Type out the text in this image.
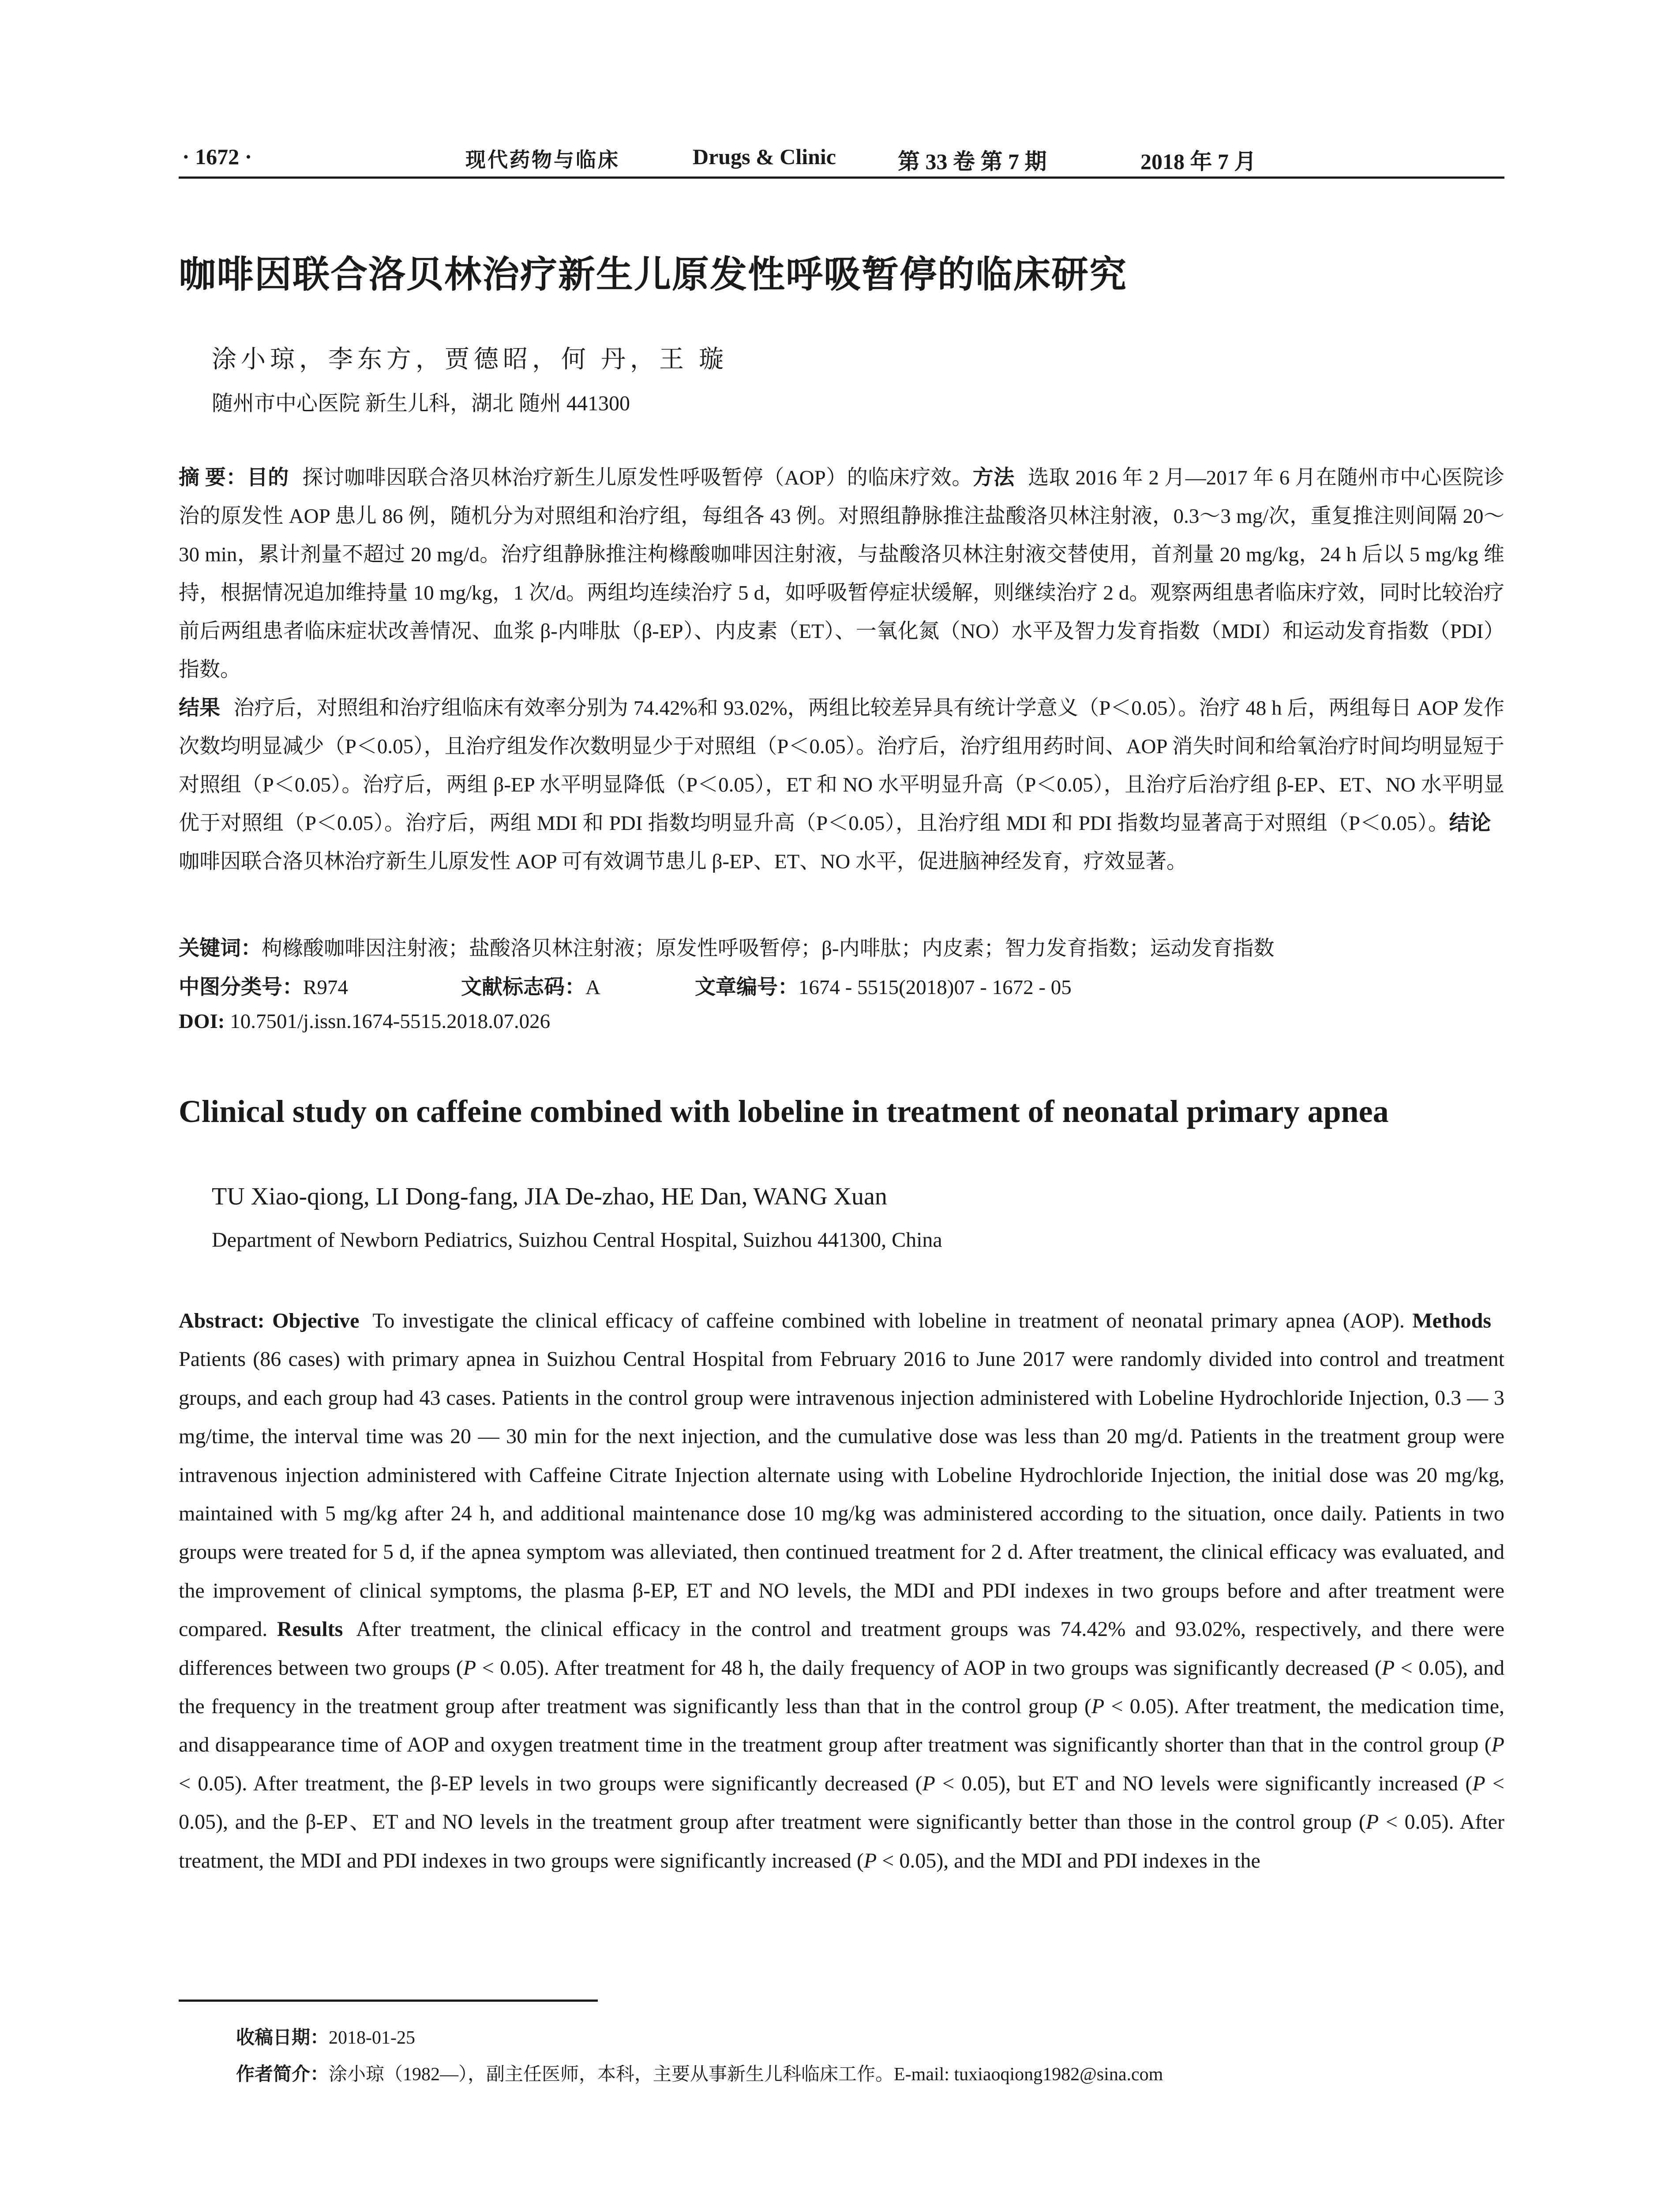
· 1672 ·	现代药物与临床	Drugs & Clinic	第 33 卷 第 7 期	2018 年 7 月
咖啡因联合洛贝林治疗新生儿原发性呼吸暂停的临床研究
涂小琼，李东方，贾德昭，何 丹，王 璇
随州市中心医院 新生儿科，湖北 随州 441300
摘 要：目的 探讨咖啡因联合洛贝林治疗新生儿原发性呼吸暂停（AOP）的临床疗效。方法 选取 2016 年 2 月—2017 年 6 月在随州市中心医院诊治的原发性 AOP 患儿 86 例，随机分为对照组和治疗组，每组各 43 例。对照组静脉推注盐酸洛贝林注射液，0.3～3 mg/次，重复推注则间隔 20～30 min，累计剂量不超过 20 mg/d。治疗组静脉推注枸橼酸咖啡因注射液，与盐酸洛贝林注射液交替使用，首剂量 20 mg/kg，24 h 后以 5 mg/kg 维持，根据情况追加维持量 10 mg/kg，1 次/d。两组均连续治疗 5 d，如呼吸暂停症状缓解，则继续治疗 2 d。观察两组患者临床疗效，同时比较治疗前后两组患者临床症状改善情况、血浆 β-内啡肽（β-EP）、内皮素（ET）、一氧化氮（NO）水平及智力发育指数（MDI）和运动发育指数（PDI）指数。
结果 治疗后，对照组和治疗组临床有效率分别为 74.42%和 93.02%，两组比较差异具有统计学意义（P＜0.05）。治疗 48 h 后，两组每日 AOP 发作次数均明显减少（P＜0.05），且治疗组发作次数明显少于对照组（P＜0.05）。治疗后，治疗组用药时间、AOP 消失时间和给氧治疗时间均明显短于对照组（P＜0.05）。治疗后，两组 β-EP 水平明显降低（P＜0.05），ET 和 NO 水平明显升高（P＜0.05），且治疗后治疗组 β-EP、ET、NO 水平明显优于对照组（P＜0.05）。治疗后，两组 MDI 和 PDI 指数均明显升高（P＜0.05），且治疗组 MDI 和 PDI 指数均显著高于对照组（P＜0.05）。结论咖啡因联合洛贝林治疗新生儿原发性 AOP 可有效调节患儿 β-EP、ET、NO 水平，促进脑神经发育，疗效显著。
关键词：枸橼酸咖啡因注射液；盐酸洛贝林注射液；原发性呼吸暂停；β-内啡肽；内皮素；智力发育指数；运动发育指数
中图分类号：R974	文献标志码：A	文章编号：1674 - 5515(2018)07 - 1672 - 05
DOI: 10.7501/j.issn.1674-5515.2018.07.026
Clinical study on caffeine combined with lobeline in treatment of neonatal primary apnea
TU Xiao-qiong, LI Dong-fang, JIA De-zhao, HE Dan, WANG Xuan
Department of Newborn Pediatrics, Suizhou Central Hospital, Suizhou 441300, China
Abstract: Objective To investigate the clinical efficacy of caffeine combined with lobeline in treatment of neonatal primary apnea (AOP). MethodsPatients (86 cases) with primary apnea in Suizhou Central Hospital from February 2016 to June 2017 were randomly divided into control and treatment groups, and each group had 43 cases. Patients in the control group were intravenous injection administered with Lobeline Hydrochloride Injection, 0.3 — 3 mg/time, the interval time was 20 — 30 min for the next injection, and the cumulative dose was less than 20 mg/d. Patients in the treatment group were intravenous injection administered with Caffeine Citrate Injection alternate using with Lobeline Hydrochloride Injection, the initial dose was 20 mg/kg, maintained with 5 mg/kg after 24 h, and additional maintenance dose 10 mg/kg was administered according to the situation, once daily. Patients in two groups were treated for 5 d, if the apnea symptom was alleviated, then continued treatment for 2 d. After treatment, the clinical efficacy was evaluated, and the improvement of clinical symptoms, the plasma β-EP, ET and NO levels, the MDI and PDI indexes in two groups before and after treatment were compared. Results After treatment, the clinical efficacy in the control and treatment groups was 74.42% and 93.02%, respectively, and there were differences between two groups (P < 0.05). After treatment for 48 h, the daily frequency of AOP in two groups was significantly decreased (P < 0.05), and the frequency in the treatment group after treatment was significantly less than that in the control group (P < 0.05). After treatment, the medication time, and disappearance time of AOP and oxygen treatment time in the treatment group after treatment was significantly shorter than that in the control group (P < 0.05). After treatment, the β-EP levels in two groups were significantly decreased (P < 0.05), but ET and NO levels were significantly increased (P < 0.05), and the β-EP、ET and NO levels in the treatment group after treatment were significantly better than those in the control group (P < 0.05). After treatment, the MDI and PDI indexes in two groups were significantly increased (P < 0.05), and the MDI and PDI indexes in the
收稿日期：2018-01-25
作者简介：涂小琼（1982—），副主任医师，本科，主要从事新生儿科临床工作。E-mail: tuxiaoqiong1982@sina.com
